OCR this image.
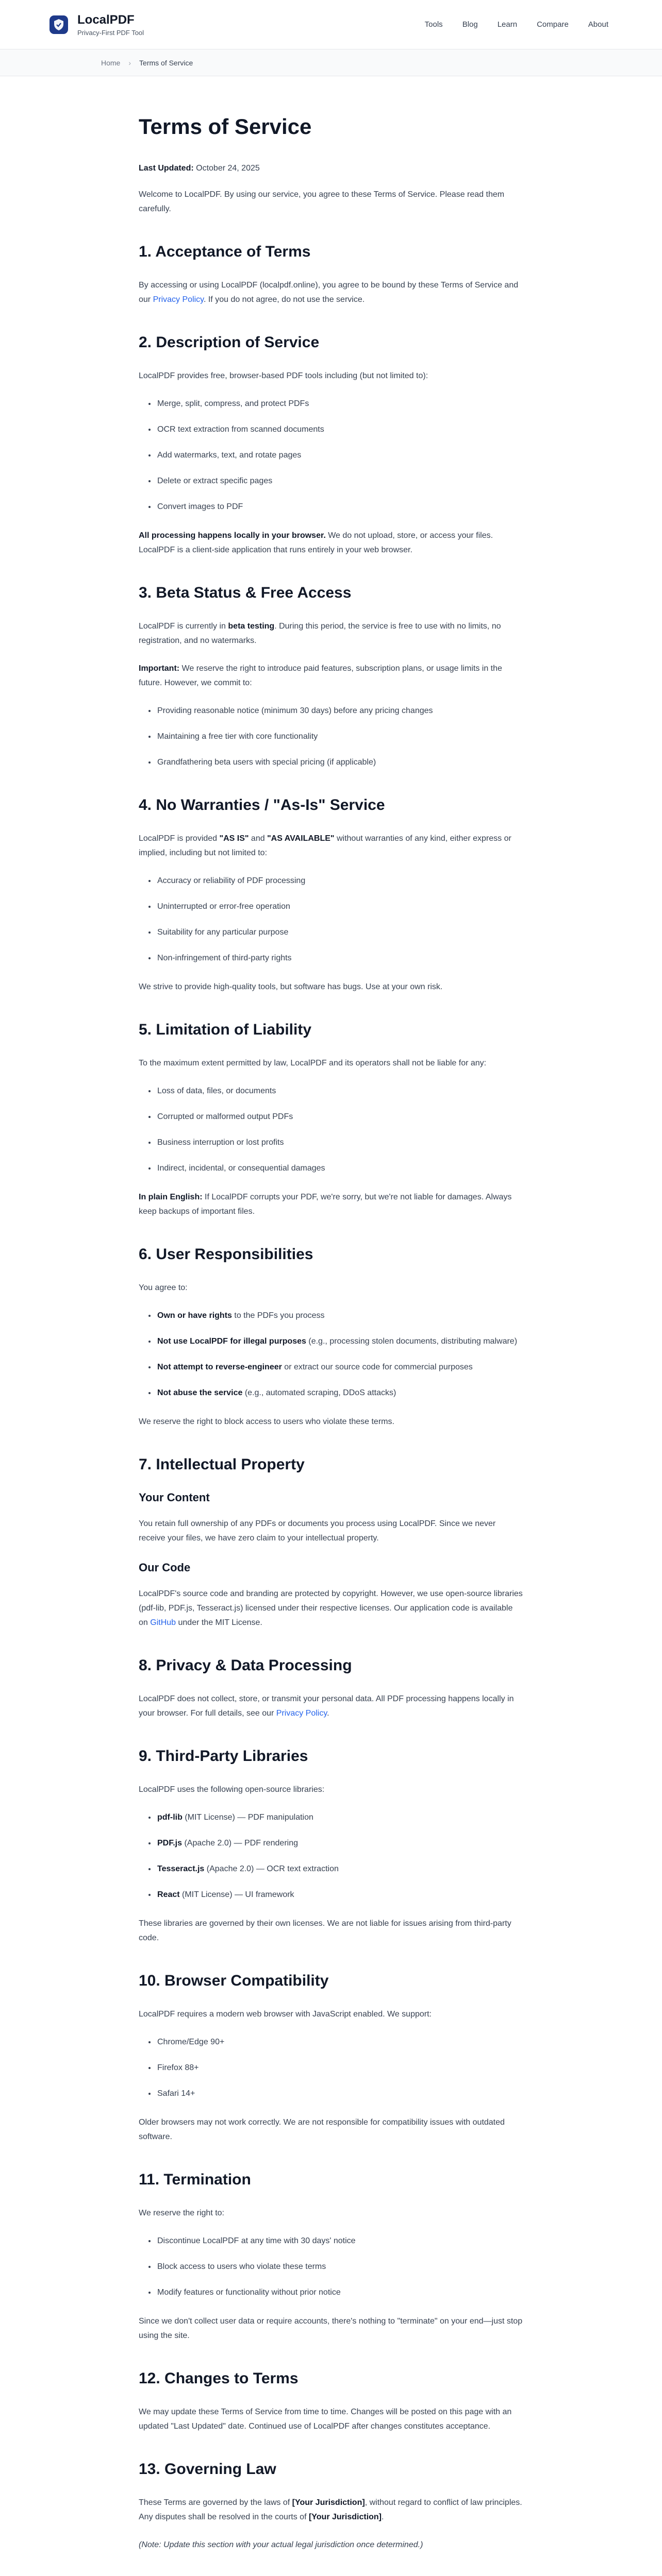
LocalPDF
Privacy-First PDF Tool
Tools	Blog	Learn	Compare	About
Home › Terms of Service
Terms of Service
Last Updated: October 24, 2025

Welcome to LocalPDF. By using our service, you agree to these Terms of Service. Please read them carefully.

1. Acceptance of Terms

By accessing or using LocalPDF (localpdf.online), you agree to be bound by these Terms of Service and our Privacy Policy. If you do not agree, do not use the service.

2. Description of Service

LocalPDF provides free, browser-based PDF tools including (but not limited to):

• Merge, split, compress, and protect PDFs
• OCR text extraction from scanned documents
• Add watermarks, text, and rotate pages
• Delete or extract specific pages
• Convert images to PDF

All processing happens locally in your browser. We do not upload, store, or access your files. LocalPDF is a client-side application that runs entirely in your web browser.

3. Beta Status & Free Access

LocalPDF is currently in beta testing. During this period, the service is free to use with no limits, no registration, and no watermarks.

Important: We reserve the right to introduce paid features, subscription plans, or usage limits in the future. However, we commit to:

• Providing reasonable notice (minimum 30 days) before any pricing changes
• Maintaining a free tier with core functionality
• Grandfathering beta users with special pricing (if applicable)
4. No Warranties / "As-Is" Service

LocalPDF is provided "AS IS" and "AS AVAILABLE" without warranties of any kind, either express or implied, including but not limited to:

• Accuracy or reliability of PDF processing
• Uninterrupted or error-free operation
• Suitability for any particular purpose
• Non-infringement of third-party rights

We strive to provide high-quality tools, but software has bugs. Use at your own risk.

5. Limitation of Liability

To the maximum extent permitted by law, LocalPDF and its operators shall not be liable for any:

• Loss of data, files, or documents
• Corrupted or malformed output PDFs
• Business interruption or lost profits
• Indirect, incidental, or consequential damages

In plain English: If LocalPDF corrupts your PDF, we're sorry, but we're not liable for damages. Always keep backups of important files.

6. User Responsibilities

You agree to:

• Own or have rights to the PDFs you process
• Not use LocalPDF for illegal purposes (e.g., processing stolen documents, distributing malware)
• Not attempt to reverse-engineer or extract our source code for commercial purposes
• Not abuse the service (e.g., automated scraping, DDoS attacks)

We reserve the right to block access to users who violate these terms.

7. Intellectual Property
Your Content

You retain full ownership of any PDFs or documents you process using LocalPDF. Since we never receive your files, we have zero claim to your intellectual property.

Our Code

LocalPDF's source code and branding are protected by copyright. However, we use open-source libraries (pdf-lib, PDF.js, Tesseract.js) licensed under their respective licenses. Our application code is available on GitHub under the MIT License.

8. Privacy & Data Processing

LocalPDF does not collect, store, or transmit your personal data. All PDF processing happens locally in your browser. For full details, see our Privacy Policy.

9. Third-Party Libraries

LocalPDF uses the following open-source libraries:

• pdf-lib (MIT License) — PDF manipulation
• PDF.js (Apache 2.0) — PDF rendering
• Tesseract.js (Apache 2.0) — OCR text extraction
• React (MIT License) — UI framework

These libraries are governed by their own licenses. We are not liable for issues arising from third-party code.

10. Browser Compatibility

LocalPDF requires a modern web browser with JavaScript enabled. We support:

• Chrome/Edge 90+
• Firefox 88+
• Safari 14+

Older browsers may not work correctly. We are not responsible for compatibility issues with outdated software.

11. Termination

We reserve the right to:

• Discontinue LocalPDF at any time with 30 days' notice
• Block access to users who violate these terms
• Modify features or functionality without prior notice

Since we don't collect user data or require accounts, there's nothing to "terminate" on your end—just stop using the site.

12. Changes to Terms

We may update these Terms of Service from time to time. Changes will be posted on this page with an updated "Last Updated" date. Continued use of LocalPDF after changes constitutes acceptance.

13. Governing Law

These Terms are governed by the laws of [Your Jurisdiction], without regard to conflict of law principles. Any disputes shall be resolved in the courts of [Your Jurisdiction].

(Note: Update this section with your actual legal jurisdiction once determined.)
